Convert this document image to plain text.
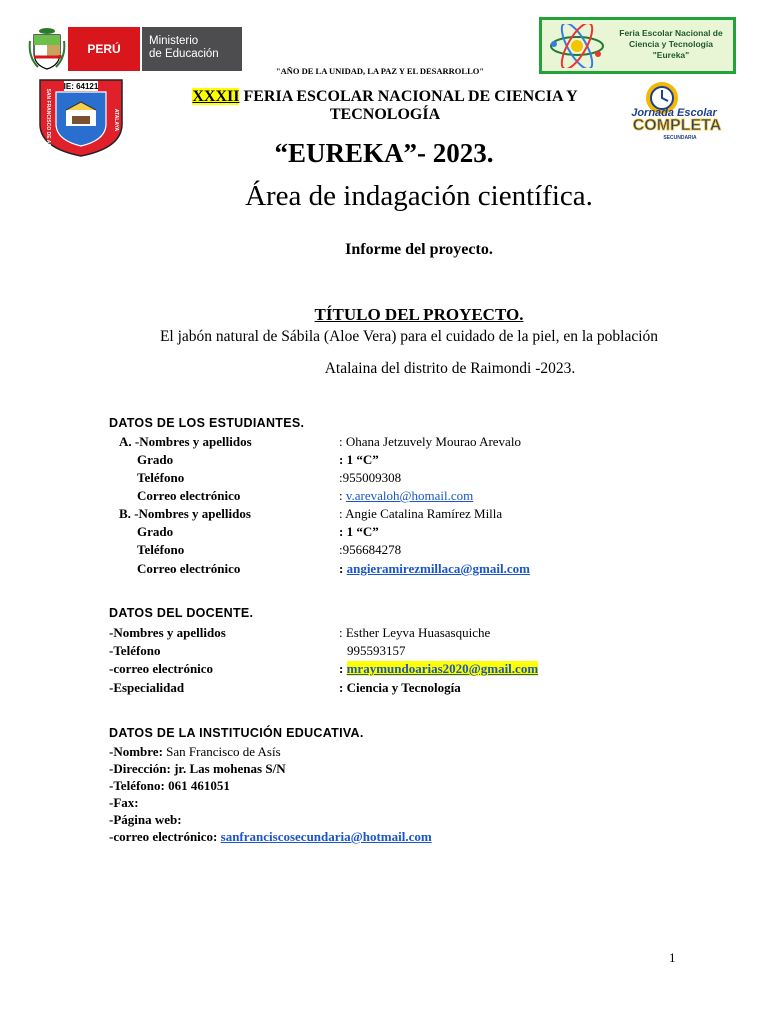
PERÚ
Ministerio
de Educación
IE: 64121
SAN FRANCISCO DE ASÍS	ATALAYA
Feria Escolar Nacional de Ciencia y Tecnología "Eureka"
Jornada Escolar
COMPLETA
SECUNDARIA
"AÑO DE LA UNIDAD, LA PAZ Y EL DESARROLLO"
XXXII FERIA ESCOLAR NACIONAL DE CIENCIA Y
TECNOLOGÍA
“EUREKA”- 2023.
Área de indagación científica.
Informe del proyecto.
TÍTULO DEL PROYECTO.
El jabón natural de Sábila (Aloe Vera) para el cuidado de la piel, en la población
Atalaina del distrito de Raimondi -2023.
DATOS DE LOS ESTUDIANTES.
A. -Nombres y apellidos	: Ohana Jetzuvely Mourao Arevalo
Grado	: 1 “C”
Teléfono	:955009308
Correo electrónico	: v.arevaloh@homail.com
B. -Nombres y apellidos	: Angie Catalina Ramírez Milla
Grado	: 1 “C”
Teléfono	:956684278
Correo electrónico	: angieramirezmillaca@gmail.com
DATOS DEL DOCENTE.
-Nombres y apellidos	: Esther Leyva Huasasquiche
-Teléfono	995593157
-correo electrónico	: mraymundoarias2020@gmail.com
-Especialidad	: Ciencia y Tecnología
DATOS DE LA INSTITUCIÓN EDUCATIVA.
-Nombre: San Francisco de Asís
-Dirección: jr. Las mohenas S/N
-Teléfono: 061 461051
-Fax:
-Página web:
-correo electrónico: sanfranciscosecundaria@hotmail.com
1
